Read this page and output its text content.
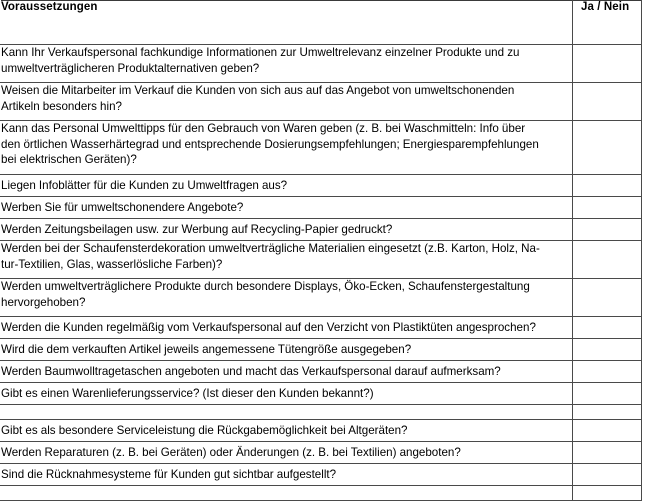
Voraussetzungen	Ja / Nein

Kann Ihr Verkaufspersonal fachkundige Informationen zur Umweltrelevanz einzelner Produkte und zu
umweltverträglicheren Produktalternativen geben?	

Weisen die Mitarbeiter im Verkauf die Kunden von sich aus auf das Angebot von umweltschonenden
Artikeln besonders hin?	

Kann das Personal Umwelttipps für den Gebrauch von Waren geben (z. B. bei Waschmitteln: Info über
den örtlichen Wasserhärtegrad und entsprechende Dosierungsempfehlungen; Energiesparempfehlungen
bei elektrischen Geräten)?	

Liegen Infoblätter für die Kunden zu Umweltfragen aus?	

Werben Sie für umweltschonendere Angebote?	

Werden Zeitungsbeilagen usw. zur Werbung auf Recycling-Papier gedruckt?	

Werden bei der Schaufensterdekoration umweltverträgliche Materialien eingesetzt (z.B. Karton, Holz, Na-
tur-Textilien, Glas, wasserlösliche Farben)?	

Werden umweltverträglichere Produkte durch besondere Displays, Öko-Ecken, Schaufenstergestaltung
hervorgehoben?	

Werden die Kunden regelmäßig vom Verkaufspersonal auf den Verzicht von Plastiktüten angesprochen?	

Wird die dem verkauften Artikel jeweils angemessene Tütengröße ausgegeben?	

Werden Baumwolltragetaschen angeboten und macht das Verkaufspersonal darauf aufmerksam?	

Gibt es einen Warenlieferungsservice? (Ist dieser den Kunden bekannt?)	

Gibt es als besondere Serviceleistung die Rückgabemöglichkeit bei Altgeräten?	

Werden Reparaturen (z. B. bei Geräten) oder Änderungen (z. B. bei Textilien) angeboten?	

Sind die Rücknahmesysteme für Kunden gut sichtbar aufgestellt?	
